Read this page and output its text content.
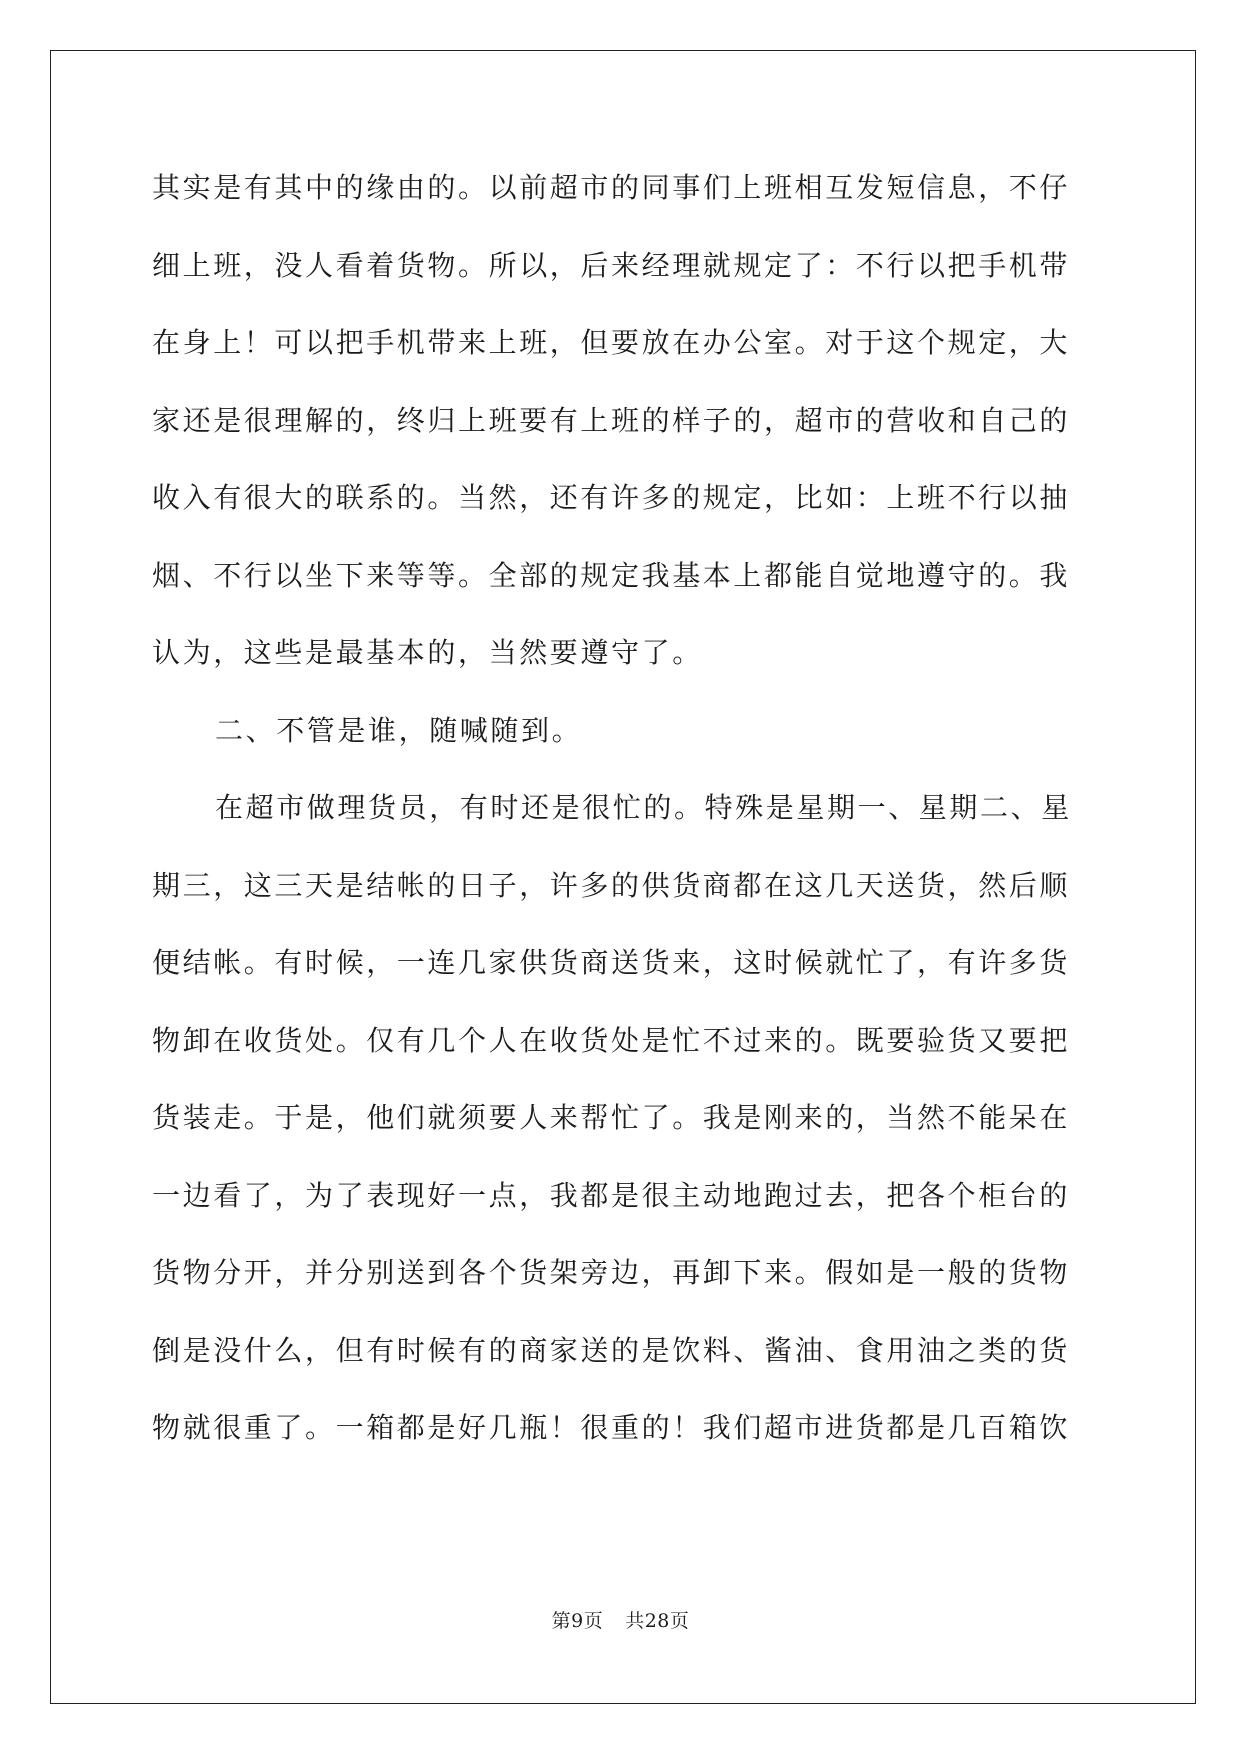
其实是有其中的缘由的。以前超市的同事们上班相互发短信息，不仔
细上班，没人看着货物。所以，后来经理就规定了：不行以把手机带
在身上！可以把手机带来上班，但要放在办公室。对于这个规定，大
家还是很理解的，终归上班要有上班的样子的，超市的营收和自己的
收入有很大的联系的。当然，还有许多的规定，比如：上班不行以抽
烟、不行以坐下来等等。全部的规定我基本上都能自觉地遵守的。我
认为，这些是最基本的，当然要遵守了。

二、不管是谁，随喊随到。

在超市做理货员，有时还是很忙的。特殊是星期一、星期二、星

期三，这三天是结帐的日子，许多的供货商都在这几天送货，然后顺
便结帐。有时候，一连几家供货商送货来，这时候就忙了，有许多货
物卸在收货处。仅有几个人在收货处是忙不过来的。既要验货又要把
货装走。于是，他们就须要人来帮忙了。我是刚来的，当然不能呆在
一边看了，为了表现好一点，我都是很主动地跑过去，把各个柜台的
货物分开，并分别送到各个货架旁边，再卸下来。假如是一般的货物
倒是没什么，但有时候有的商家送的是饮料、酱油、食用油之类的货
物就很重了。一箱都是好几瓶！很重的！我们超市进货都是几百箱饮

第9页 共28页
